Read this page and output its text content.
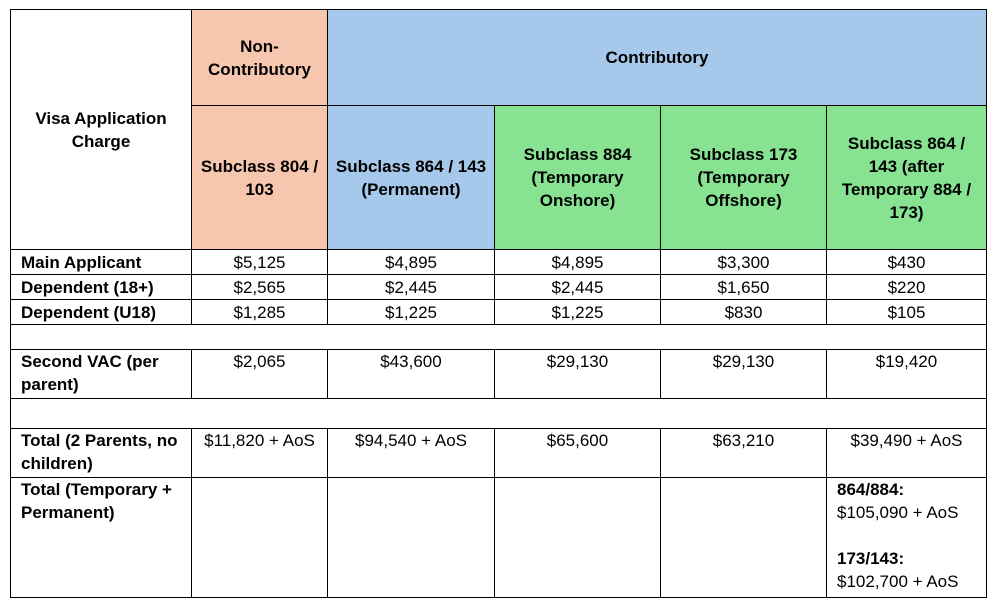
Visa Application Charge	Non-Contributory	Contributory			
	Subclass 804 / 103	Subclass 864 / 143 (Permanent)	Subclass 884 (Temporary Onshore)	Subclass 173 (Temporary Offshore)	Subclass 864 / 143 (after Temporary 884 / 173)
Main Applicant	$5,125	$4,895	$4,895	$3,300	$430
Dependent (18+)	$2,565	$2,445	$2,445	$1,650	$220
Dependent (U18)	$1,285	$1,225	$1,225	$830	$105

Second VAC (per parent)	$2,065	$43,600	$29,130	$29,130	$19,420

Total (2 Parents, no children)	$11,820 + AoS	$94,540 + AoS	$65,600	$63,210	$39,490 + AoS
Total (Temporary + Permanent)					864/884:
$105,090 + AoS
173/143:
$102,700 + AoS
